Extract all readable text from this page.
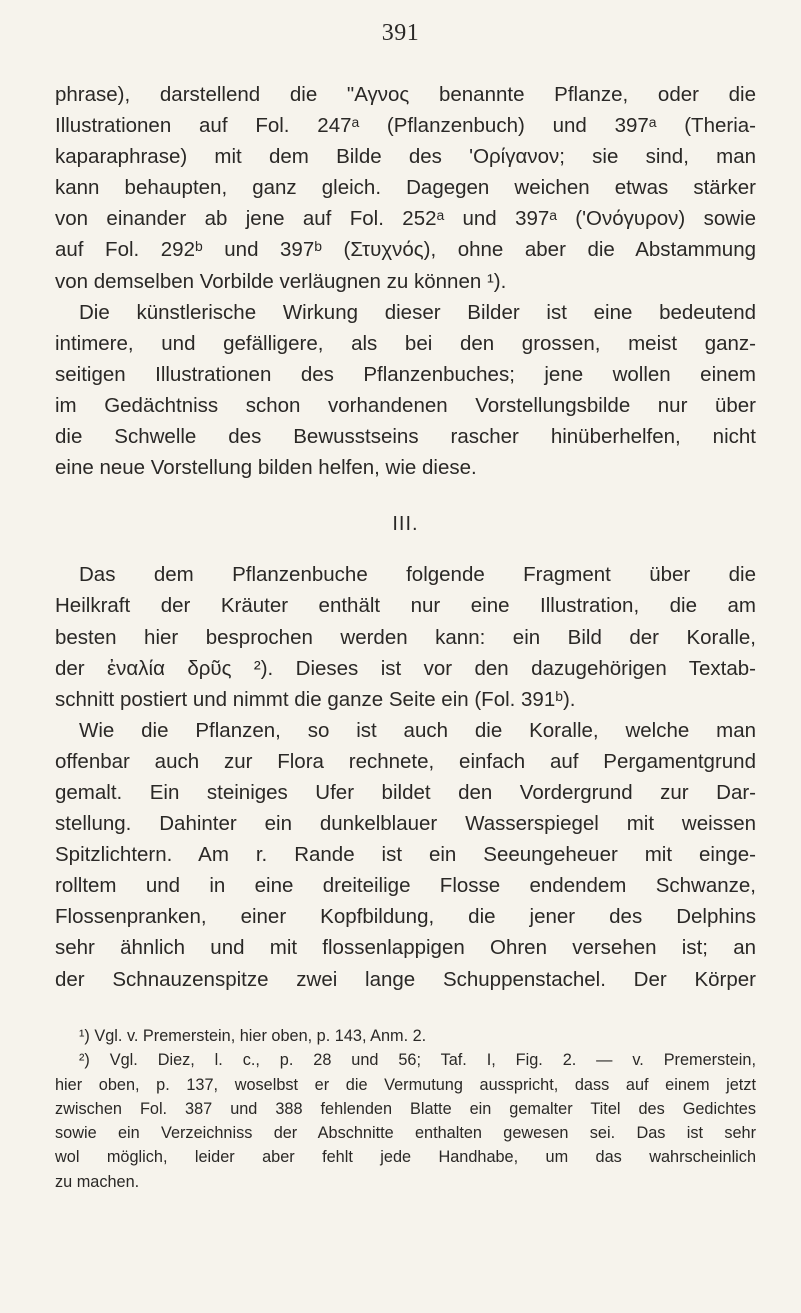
391
phrase), darstellend die "Αγνος benannte Pflanze, oder die
Illustrationen auf Fol. 247ᵃ (Pflanzenbuch) und 397ᵃ (Theria-
kaparaphrase) mit dem Bilde des 'Ορίγανον; sie sind, man
kann behaupten, ganz gleich. Dagegen weichen etwas stärker
von einander ab jene auf Fol. 252ᵃ und 397ᵃ ('Ονόγυρον) sowie
auf Fol. 292ᵇ und 397ᵇ (Στυχνός), ohne aber die Abstammung
von demselben Vorbilde verläugnen zu können ¹).
Die künstlerische Wirkung dieser Bilder ist eine bedeutend
intimere, und gefälligere, als bei den grossen, meist ganz-
seitigen Illustrationen des Pflanzenbuches; jene wollen einem
im Gedächtniss schon vorhandenen Vorstellungsbilde nur über
die Schwelle des Bewusstseins rascher hinüberhelfen, nicht
eine neue Vorstellung bilden helfen, wie diese.
III.
Das dem Pflanzenbuche folgende Fragment über die
Heilkraft der Kräuter enthält nur eine Illustration, die am
besten hier besprochen werden kann: ein Bild der Koralle,
der ἐναλία δρῦς ²). Dieses ist vor den dazugehörigen Textab-
schnitt postiert und nimmt die ganze Seite ein (Fol. 391ᵇ).
Wie die Pflanzen, so ist auch die Koralle, welche man
offenbar auch zur Flora rechnete, einfach auf Pergamentgrund
gemalt. Ein steiniges Ufer bildet den Vordergrund zur Dar-
stellung. Dahinter ein dunkelblauer Wasserspiegel mit weissen
Spitzlichtern. Am r. Rande ist ein Seeungeheuer mit einge-
rolltem und in eine dreiteilige Flosse endendem Schwanze,
Flossenpranken, einer Kopfbildung, die jener des Delphins
sehr ähnlich und mit flossenlappigen Ohren versehen ist; an
der Schnauzenspitze zwei lange Schuppenstachel. Der Körper
¹) Vgl. v. Premerstein, hier oben, p. 143, Anm. 2.
²) Vgl. Diez, l. c., p. 28 und 56; Taf. I, Fig. 2. — v. Premerstein,
hier oben, p. 137, woselbst er die Vermutung ausspricht, dass auf einem jetzt
zwischen Fol. 387 und 388 fehlenden Blatte ein gemalter Titel des Gedichtes
sowie ein Verzeichniss der Abschnitte enthalten gewesen sei. Das ist sehr
wol möglich, leider aber fehlt jede Handhabe, um das wahrscheinlich
zu machen.
